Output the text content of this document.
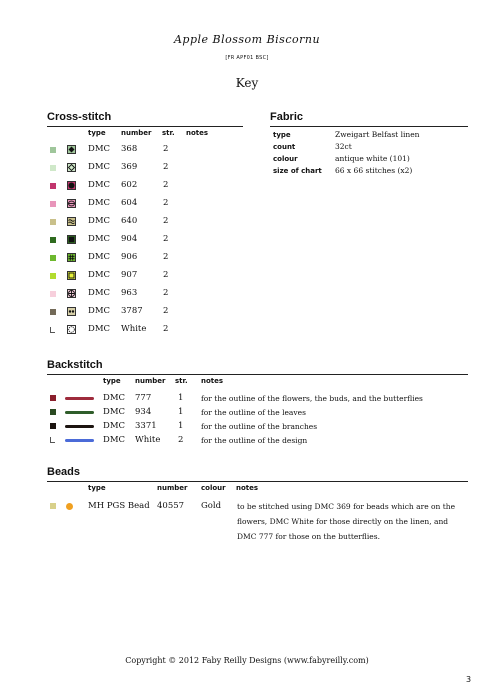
Apple Blossom Biscornu
[FR APF01 BSC]
Key
Cross-stitch
type number str. notes
DMC 368	2
DMC 369	2
DMC 602	2
DMC 604	2
DMC 640	2
DMC 904	2
DMC 906	2
DMC 907	2
DMC 963	2
DMC 3787 2
DMC White 2
Fabric
type	Zweigart Belfast linen
count	32ct
colour	antique white (101)
size of chart 66 x 66 stitches (x2)
Backstitch
type number str. notes
DMC 777	1 for the outline of the flowers, the buds, and the butterflies
DMC 934	1 for the outline of the leaves
DMC 3371	1 for the outline of the branches
DMC White 2 for the outline of the design
Beads
type	number colour notes
MH PGS Bead 40557 Gold to be stitched using DMC 369 for beads which are on the
flowers, DMC White for those directly on the linen, and
DMC 777 for those on the butterflies.
Copyright © 2012 Faby Reilly Designs (www.fabyreilly.com)
3
